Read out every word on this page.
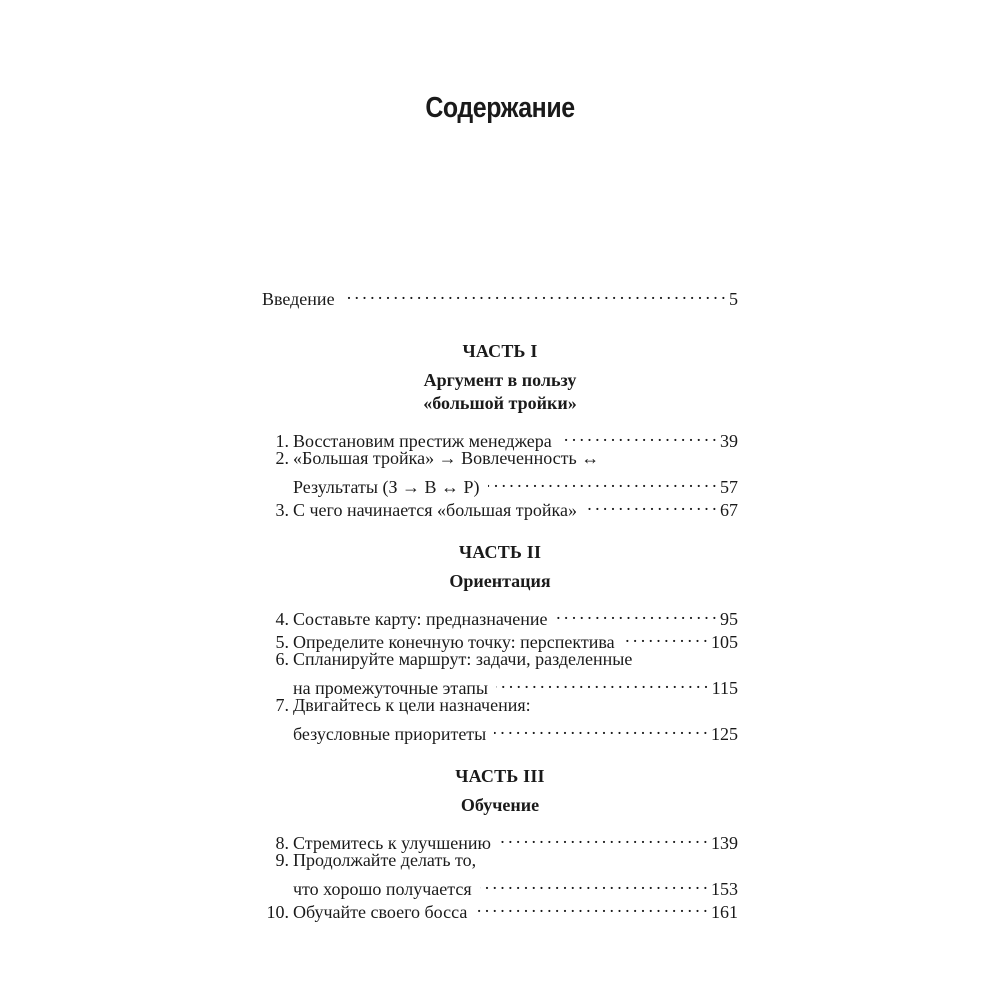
Содержание
Введение . . .	5
ЧАСТЬ I
Аргумент в пользу
«большой тройки»
1. Восстановим престиж менеджера . . .	39
2. «Большая тройка» → Вовлеченность ↔
Результаты (З → В ↔ Р) . . .	57
3. С чего начинается «большая тройка» . . .	67
ЧАСТЬ II
Ориентация
4. Составьте карту: предназначение . . .	95
5. Определите конечную точку: перспектива . . .	105
6. Спланируйте маршрут: задачи, разделенные
на промежуточные этапы . . .	115
7. Двигайтесь к цели назначения:
безусловные приоритеты . . .	125
ЧАСТЬ III
Обучение
8. Стремитесь к улучшению . . .	139
9. Продолжайте делать то,
что хорошо получается . . .	153
10. Обучайте своего босса . . .	161
